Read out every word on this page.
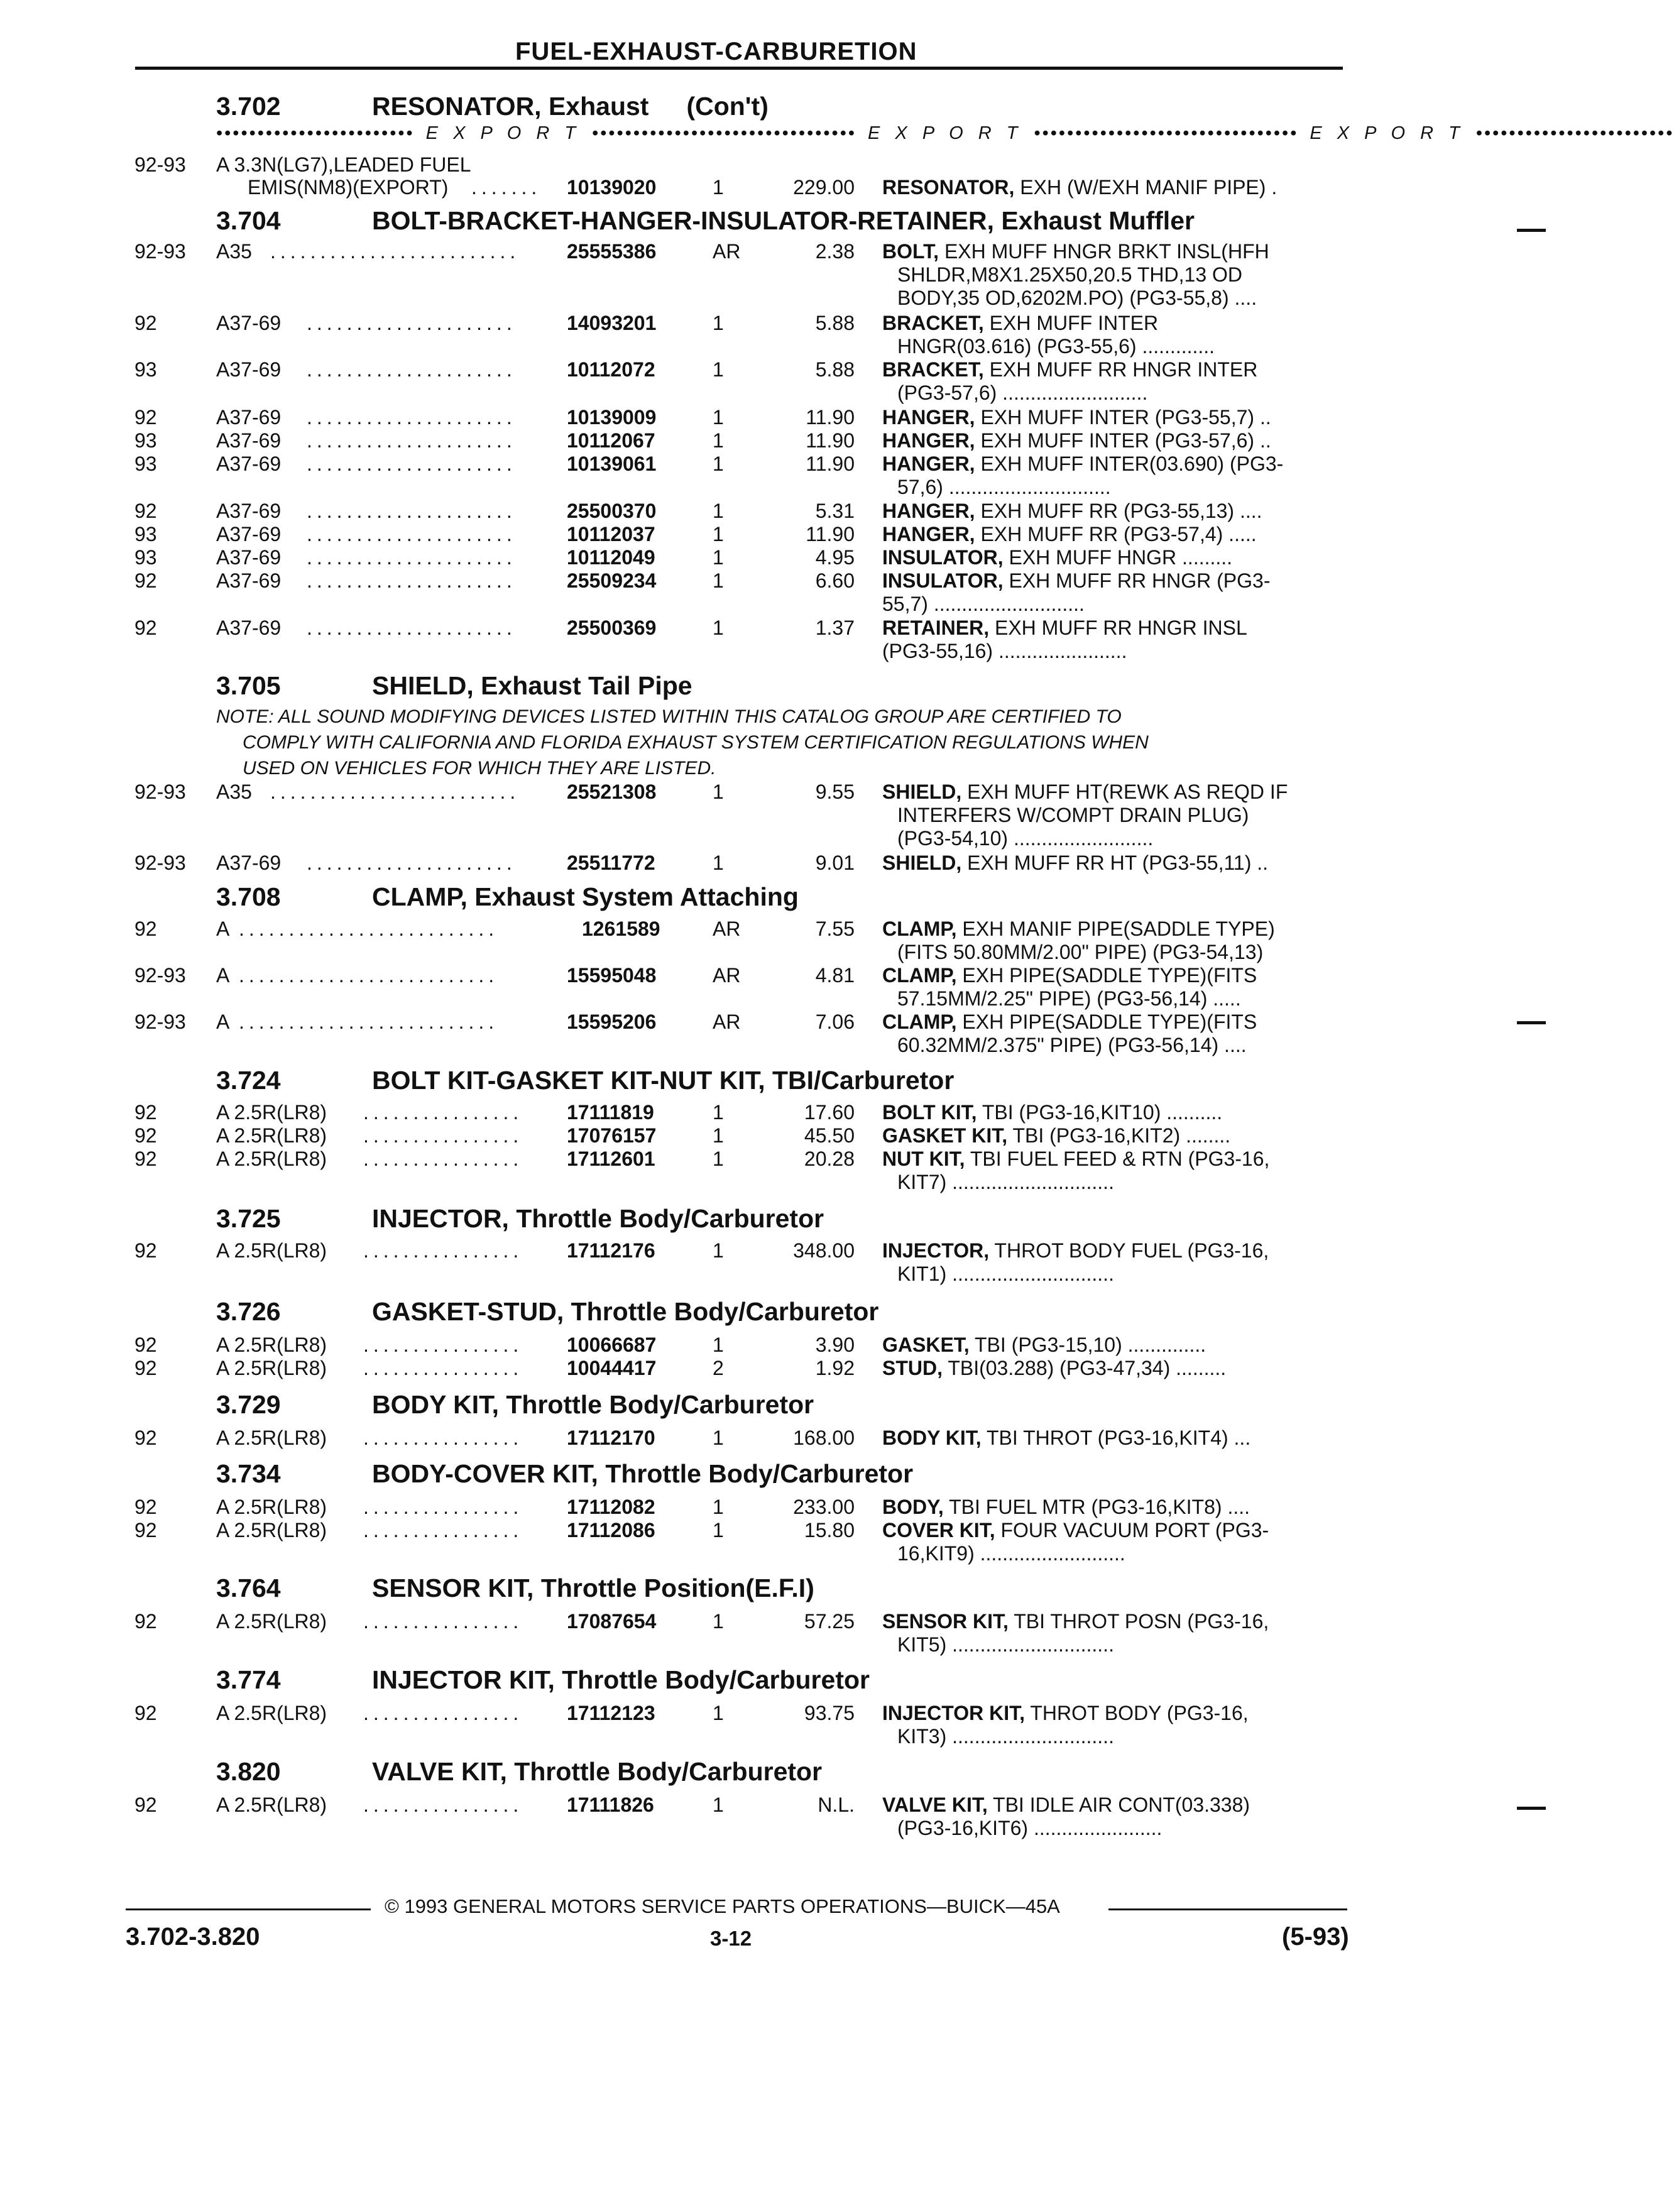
FUEL-EXHAUST-CARBURETION
3.702	RESONATOR, Exhaust (Con't)
•••••••••••••••••••••••• E X P O R T •••••••••••••••••••••••••••••••• E X P O R T •••••••••••••••••••••••••••••••• E X P O R T ••••••••••••••••••••••••
92-93 A 3.3N(LG7),LEADED FUEL
EMIS(NM8)(EXPORT) .......	10139020	1	229.00 RESONATOR, EXH (W/EXH MANIF PIPE) .
3.704	BOLT-BRACKET-HANGER-INSULATOR-RETAINER, Exhaust Muffler
92-93 A35 .........................	25555386	AR	2.38 BOLT, EXH MUFF HNGR BRKT INSL(HFH
SHLDR,M8X1.25X50,20.5 THD,13 OD
BODY,35 OD,6202M.PO) (PG3-55,8) ....
92	A37-69 .....................	14093201	1	5.88 BRACKET, EXH MUFF INTER
HNGR(03.616) (PG3-55,6) .............
93	A37-69 .....................	10112072	1	5.88 BRACKET, EXH MUFF RR HNGR INTER
(PG3-57,6) ..........................
92	A37-69 .....................	10139009	1	11.90 HANGER, EXH MUFF INTER (PG3-55,7) ..
93	A37-69 .....................	10112067	1	11.90 HANGER, EXH MUFF INTER (PG3-57,6) ..
93	A37-69 .....................	10139061	1	11.90 HANGER, EXH MUFF INTER(03.690) (PG3-
57,6) .............................
92	A37-69 .....................	25500370	1	5.31 HANGER, EXH MUFF RR (PG3-55,13) ....
93	A37-69 .....................	10112037	1	11.90 HANGER, EXH MUFF RR (PG3-57,4) .....
93	A37-69 .....................	10112049	1	4.95 INSULATOR, EXH MUFF HNGR .........
92	A37-69 .....................	25509234	1	6.60 INSULATOR, EXH MUFF RR HNGR (PG3-
55,7) ...........................
92	A37-69 .....................	25500369	1	1.37 RETAINER, EXH MUFF RR HNGR INSL
(PG3-55,16) .......................
3.705	SHIELD, Exhaust Tail Pipe
NOTE: ALL SOUND MODIFYING DEVICES LISTED WITHIN THIS CATALOG GROUP ARE CERTIFIED TO
COMPLY WITH CALIFORNIA AND FLORIDA EXHAUST SYSTEM CERTIFICATION REGULATIONS WHEN
USED ON VEHICLES FOR WHICH THEY ARE LISTED.
92-93 A35 .........................	25521308	1	9.55 SHIELD, EXH MUFF HT(REWK AS REQD IF
INTERFERS W/COMPT DRAIN PLUG)
(PG3-54,10) .........................
92-93 A37-69 .....................	25511772	1	9.01 SHIELD, EXH MUFF RR HT (PG3-55,11) ..
3.708	CLAMP, Exhaust System Attaching
92	A ..........................	1261589	AR	7.55 CLAMP, EXH MANIF PIPE(SADDLE TYPE)
(FITS 50.80MM/2.00" PIPE) (PG3-54,13)
92-93 A ..........................	15595048	AR	4.81 CLAMP, EXH PIPE(SADDLE TYPE)(FITS
57.15MM/2.25" PIPE) (PG3-56,14) .....
92-93 A ..........................	15595206	AR	7.06 CLAMP, EXH PIPE(SADDLE TYPE)(FITS
60.32MM/2.375" PIPE) (PG3-56,14) ....
3.724	BOLT KIT-GASKET KIT-NUT KIT, TBI/Carburetor
92	A 2.5R(LR8) ................	17111819	1	17.60 BOLT KIT, TBI (PG3-16,KIT10) ..........
92	A 2.5R(LR8) ................	17076157	1	45.50 GASKET KIT, TBI (PG3-16,KIT2) ........
92	A 2.5R(LR8) ................	17112601	1	20.28 NUT KIT, TBI FUEL FEED & RTN (PG3-16,
KIT7) .............................
3.725	INJECTOR, Throttle Body/Carburetor
92	A 2.5R(LR8) ................	17112176	1	348.00 INJECTOR, THROT BODY FUEL (PG3-16,
KIT1) .............................
3.726	GASKET-STUD, Throttle Body/Carburetor
92	A 2.5R(LR8) ................	10066687	1	3.90 GASKET, TBI (PG3-15,10) ..............
92	A 2.5R(LR8) ................	10044417	2	1.92 STUD, TBI(03.288) (PG3-47,34) .........
3.729	BODY KIT, Throttle Body/Carburetor
92	A 2.5R(LR8) ................	17112170	1	168.00 BODY KIT, TBI THROT (PG3-16,KIT4) ...
3.734	BODY-COVER KIT, Throttle Body/Carburetor
92	A 2.5R(LR8) ................	17112082	1	233.00 BODY, TBI FUEL MTR (PG3-16,KIT8) ....
92	A 2.5R(LR8) ................	17112086	1	15.80 COVER KIT, FOUR VACUUM PORT (PG3-
16,KIT9) ..........................
3.764	SENSOR KIT, Throttle Position(E.F.I)
92	A 2.5R(LR8) ................	17087654	1	57.25 SENSOR KIT, TBI THROT POSN (PG3-16,
KIT5) .............................
3.774	INJECTOR KIT, Throttle Body/Carburetor
92	A 2.5R(LR8) ................	17112123	1	93.75 INJECTOR KIT, THROT BODY (PG3-16,
KIT3) .............................
3.820	VALVE KIT, Throttle Body/Carburetor
92	A 2.5R(LR8) ................	17111826	1	N.L. VALVE KIT, TBI IDLE AIR CONT(03.338)
(PG3-16,KIT6) .......................
© 1993 GENERAL MOTORS SERVICE PARTS OPERATIONS—BUICK—45A
3.702-3.820	3-12	(5-93)
